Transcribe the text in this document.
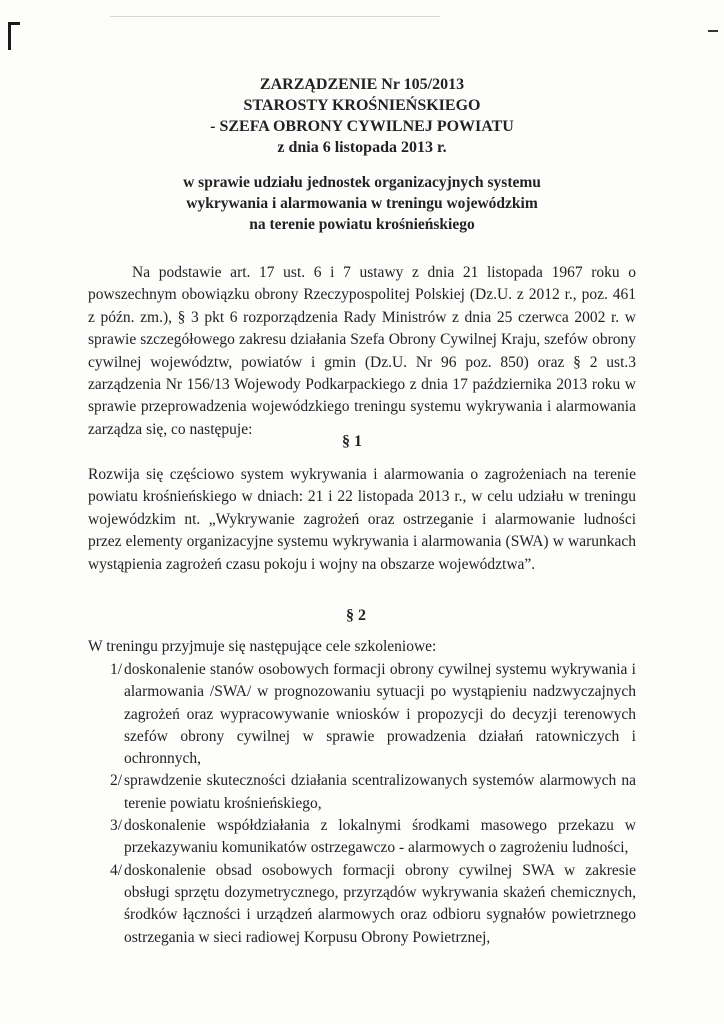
ZARZĄDZENIE Nr 105/2013
STAROSTY KROŚNIEŃSKIEGO
- SZEFA OBRONY CYWILNEJ POWIATU
z dnia 6 listopada 2013 r.
w sprawie udziału jednostek organizacyjnych systemu
wykrywania i alarmowania w treningu wojewódzkim
na terenie powiatu krośnieńskiego
Na podstawie art. 17 ust. 6 i 7 ustawy z dnia 21 listopada 1967 roku o powszechnym obowiązku obrony Rzeczypospolitej Polskiej (Dz.U. z 2012 r., poz. 461 z późn. zm.), § 3 pkt 6 rozporządzenia Rady Ministrów z dnia 25 czerwca 2002 r. w sprawie szczegółowego zakresu działania Szefa Obrony Cywilnej Kraju, szefów obrony cywilnej województw, powiatów i gmin (Dz.U. Nr 96 poz. 850) oraz § 2 ust.3 zarządzenia Nr 156/13 Wojewody Podkarpackiego z dnia 17 października 2013 roku w sprawie przeprowadzenia wojewódzkiego treningu systemu wykrywania i alarmowania zarządza się, co następuje:
§ 1
Rozwija się częściowo system wykrywania i alarmowania o zagrożeniach na terenie powiatu krośnieńskiego w dniach: 21 i 22 listopada 2013 r., w celu udziału w treningu wojewódzkim nt. „Wykrywanie zagrożeń oraz ostrzeganie i alarmowanie ludności przez elementy organizacyjne systemu wykrywania i alarmowania (SWA) w warunkach wystąpienia zagrożeń czasu pokoju i wojny na obszarze województwa”.
§ 2
W treningu przyjmuje się następujące cele szkoleniowe:
1/ doskonalenie stanów osobowych formacji obrony cywilnej systemu wykrywania i alarmowania /SWA/ w prognozowaniu sytuacji po wystąpieniu nadzwyczajnych zagrożeń oraz wypracowywanie wniosków i propozycji do decyzji terenowych szefów obrony cywilnej w sprawie prowadzenia działań ratowniczych i ochronnych,
2/ sprawdzenie skuteczności działania scentralizowanych systemów alarmowych na terenie powiatu krośnieńskiego,
3/ doskonalenie współdziałania z lokalnymi środkami masowego przekazu w przekazywaniu komunikatów ostrzegawczo - alarmowych o zagrożeniu ludności,
4/ doskonalenie obsad osobowych formacji obrony cywilnej SWA w zakresie obsługi sprzętu dozymetrycznego, przyrządów wykrywania skażeń chemicznych, środków łączności i urządzeń alarmowych oraz odbioru sygnałów powietrznego ostrzegania w sieci radiowej Korpusu Obrony Powietrznej,
